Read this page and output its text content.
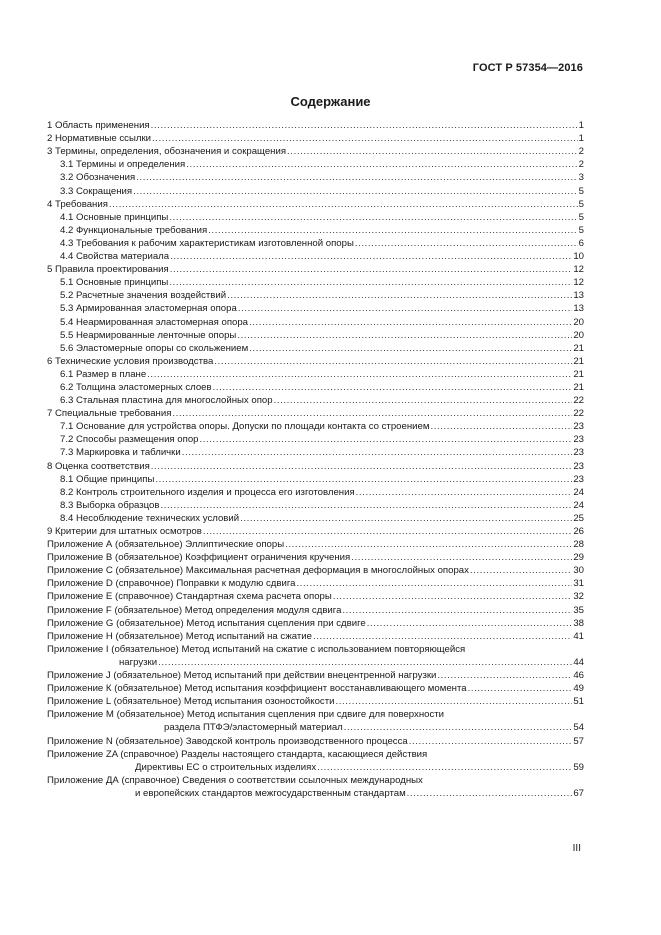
ГОСТ Р 57354—2016
Содержание
1 Область применения .....	1
2 Нормативные ссылки .....	1
3 Термины, определения, обозначения и сокращения .....	2
3.1 Термины и определения .....	2
3.2 Обозначения .....	3
3.3 Сокращения .....	5
4 Требования .....	5
4.1 Основные принципы .....	5
4.2 Функциональные требования .....	5
4.3 Требования к рабочим характеристикам изготовленной опоры .....	6
4.4 Свойства материала .....	10
5 Правила проектирования .....	12
5.1 Основные принципы .....	12
5.2 Расчетные значения воздействий .....	13
5.3 Армированная эластомерная опора .....	13
5.4 Неармированная эластомерная опора .....	20
5.5 Неармированные ленточные опоры .....	20
5.6 Эластомерные опоры со скольжением .....	21
6 Технические условия производства .....	21
6.1 Размер в плане .....	21
6.2 Толщина эластомерных слоев .....	21
6.3 Стальная пластина для многослойных опор .....	22
7 Специальные требования .....	22
7.1 Основание для устройства опоры. Допуски по площади контакта со строением .....	23
7.2 Способы размещения опор .....	23
7.3 Маркировка и таблички .....	23
8 Оценка соответствия .....	23
8.1 Общие принципы .....	23
8.2 Контроль строительного изделия и процесса его изготовления .....	24
8.3 Выборка образцов .....	24
8.4 Несоблюдение технических условий .....	25
9 Критерии для штатных осмотров .....	26
Приложение А (обязательное) Эллиптические опоры .....	28
Приложение В (обязательное) Коэффициент ограничения кручения .....	29
Приложение С (обязательное) Максимальная расчетная деформация в многослойных опорах .....	30
Приложение D (справочное) Поправки к модулю сдвига .....	31
Приложение Е (справочное) Стандартная схема расчета опоры .....	32
Приложение F (обязательное) Метод определения модуля сдвига .....	35
Приложение G (обязательное) Метод испытания сцепления при сдвиге .....	38
Приложение Н (обязательное) Метод испытаний на сжатие .....	41
Приложение I (обязательное) Метод испытаний на сжатие с использованием повторяющейся
нагрузки .....	44
Приложение J (обязательное) Метод испытаний при действии внецентренной нагрузки .....	46
Приложение К (обязательное) Метод испытания коэффициент восстанавливающего момента .....	49
Приложение L (обязательное) Метод испытания озоностойкости .....	51
Приложение М (обязательное) Метод испытания сцепления при сдвиге для поверхности
раздела ПТФЭ/эластомерный материал .....	54
Приложение N (обязательное) Заводской контроль производственного процесса .....	57
Приложение ZA (справочное) Разделы настоящего стандарта, касающиеся действия
Директивы ЕС о строительных изделиях .....	59
Приложение ДА (справочное) Сведения о соответствии ссылочных международных
и европейских стандартов межгосударственным стандартам .....	67
III
